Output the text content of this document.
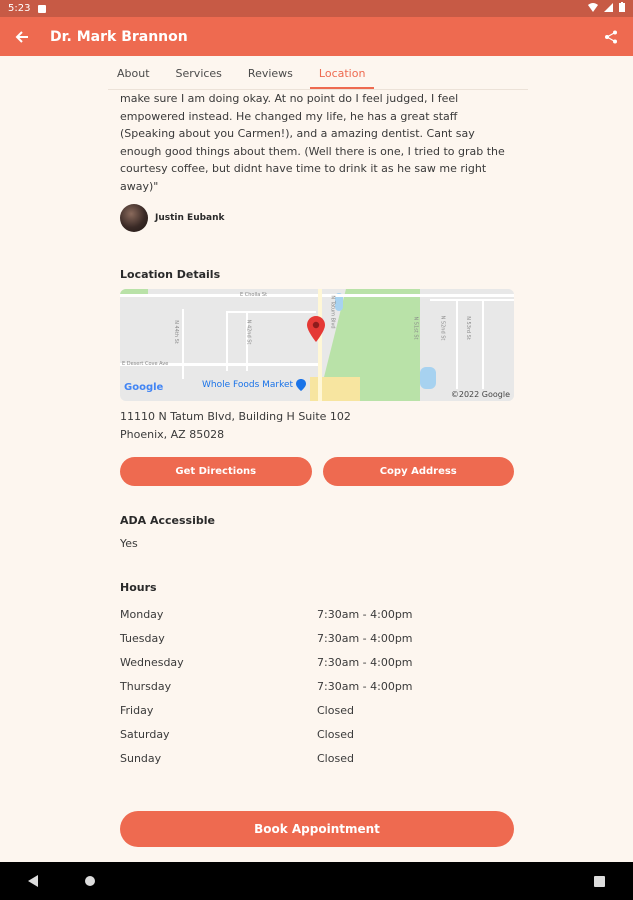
5:23
Dr. Mark Brannon
About	Services	Reviews	Location

make sure I am doing okay. At no point do I feel judged, I feel empowered instead. He changed my life, he has a great staff (Speaking about you Carmen!), and a amazing dentist. Cant say enough good things about them. (Well there is one, I tried to grab the courtesy coffee, but didnt have time to drink it as he saw me right away)"

Justin Eubank
Location Details
E Cholla St
N Tatum Blvd
E Desert Cove Ave
N 44th St	N 42nd St	N 51st St	N 52nd St	N 53rd St
Google	Whole Foods Market
©2022 Google
11110 N Tatum Blvd, Building H Suite 102
Phoenix, AZ 85028
Get Directions	Copy Address
ADA Accessible
Yes
Hours
Monday	7:30am - 4:00pm
Tuesday	7:30am - 4:00pm
Wednesday	7:30am - 4:00pm
Thursday	7:30am - 4:00pm
Friday	Closed
Saturday	Closed
Sunday	Closed
Book Appointment
